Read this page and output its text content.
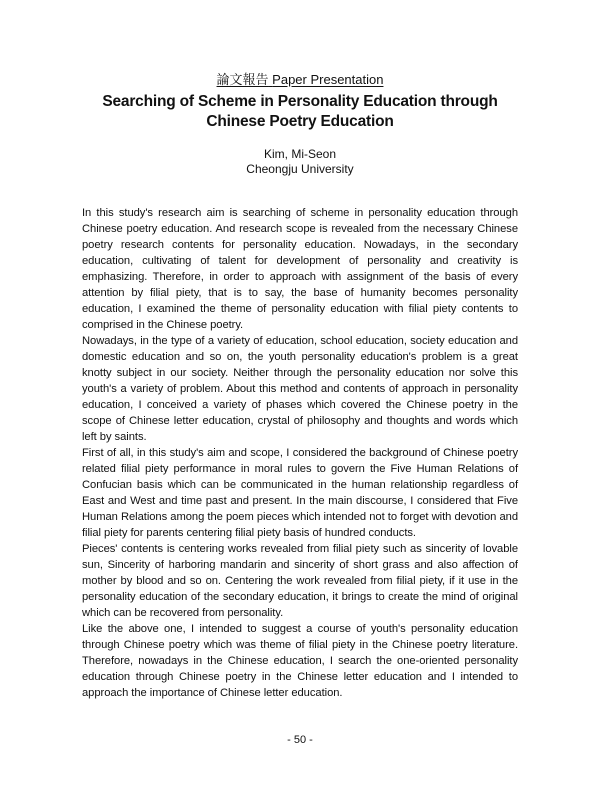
論文報告 Paper Presentation
Searching of Scheme in Personality Education through Chinese Poetry Education
Kim, Mi-Seon
Cheongju University

In this study's research aim is searching of scheme in personality education through Chinese poetry education. And research scope is revealed from the necessary Chinese poetry research contents for personality education. Nowadays, in the secondary education, cultivating of talent for development of personality and creativity is emphasizing. Therefore, in order to approach with assignment of the basis of every attention by filial piety, that is to say, the base of humanity becomes personality education, I examined the theme of personality education with filial piety contents to comprised in the Chinese poetry.

Nowadays, in the type of a variety of education, school education, society education and domestic education and so on, the youth personality education's problem is a great knotty subject in our society. Neither through the personality education nor solve this youth's a variety of problem. About this method and contents of approach in personality education, I conceived a variety of phases which covered the Chinese poetry in the scope of Chinese letter education, crystal of philosophy and thoughts and words which left by saints.

First of all, in this study's aim and scope, I considered the background of Chinese poetry related filial piety performance in moral rules to govern the Five Human Relations of Confucian basis which can be communicated in the human relationship regardless of East and West and time past and present. In the main discourse, I considered that Five Human Relations among the poem pieces which intended not to forget with devotion and filial piety for parents centering filial piety basis of hundred conducts.

Pieces' contents is centering works revealed from filial piety such as sincerity of lovable sun, Sincerity of harboring mandarin and sincerity of short grass and also affection of mother by blood and so on. Centering the work revealed from filial piety, if it use in the personality education of the secondary education, it brings to create the mind of original which can be recovered from personality.

Like the above one, I intended to suggest a course of youth's personality education through Chinese poetry which was theme of filial piety in the Chinese poetry literature. Therefore, nowadays in the Chinese education, I search the one-oriented personality education through Chinese poetry in the Chinese letter education and I intended to approach the importance of Chinese letter education.

- 50 -
